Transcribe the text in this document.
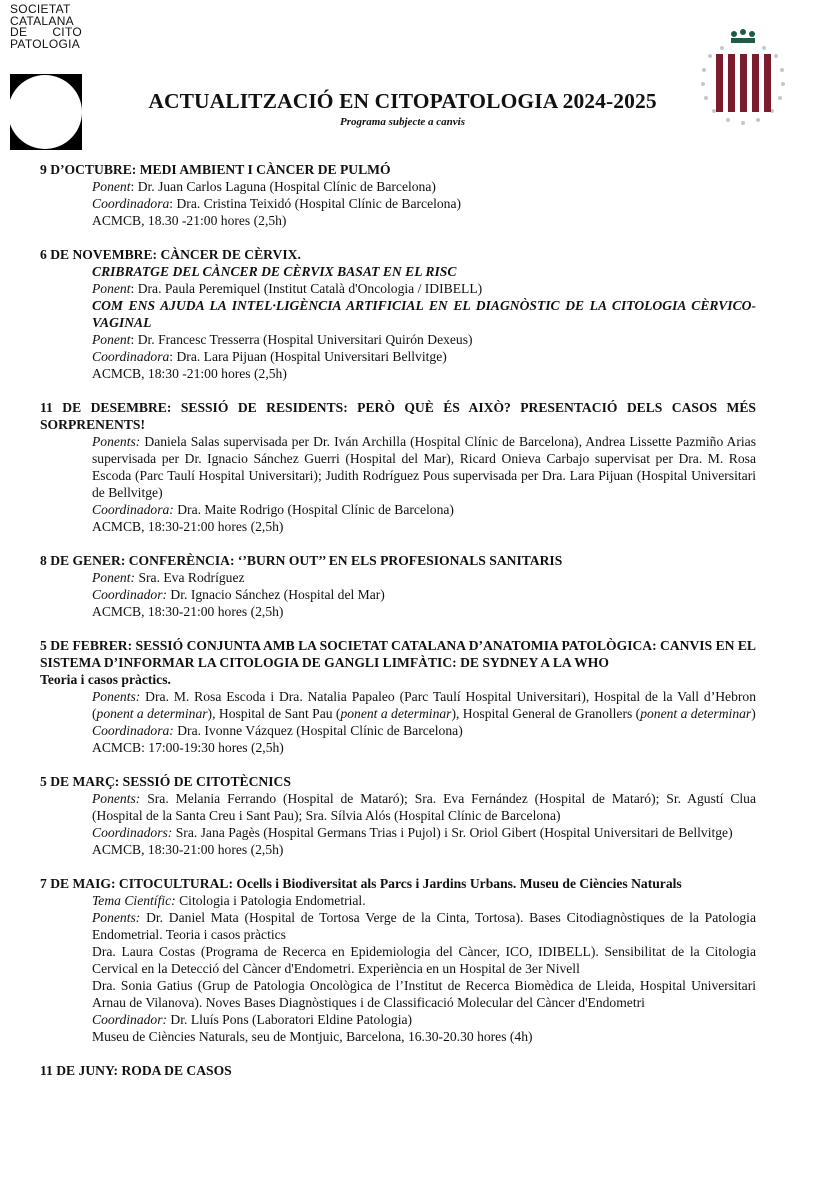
SOCIETAT
CATALANA
DE CITO
PATOLOGIA
ACTUALITZACIÓ EN CITOPATOLOGIA 2024-2025
Programa subjecte a canvis
9 D’OCTUBRE: MEDI AMBIENT I CÀNCER DE PULMÓ
Ponent: Dr. Juan Carlos Laguna (Hospital Clínic de Barcelona)
Coordinadora: Dra. Cristina Teixidó (Hospital Clínic de Barcelona)
ACMCB, 18.30 -21:00 hores (2,5h)
6 DE NOVEMBRE: CÀNCER DE CÈRVIX.
CRIBRATGE DEL CÀNCER DE CÈRVIX BASAT EN EL RISC
Ponent: Dra. Paula Peremiquel (Institut Català d'Oncologia / IDIBELL)
COM ENS AJUDA LA INTEL·LIGÈNCIA ARTIFICIAL EN EL DIAGNÒSTIC DE LA CITOLOGIA CÈRVICO-VAGINAL
Ponent: Dr. Francesc Tresserra (Hospital Universitari Quirón Dexeus)
Coordinadora: Dra. Lara Pijuan (Hospital Universitari Bellvitge)
ACMCB, 18:30 -21:00 hores (2,5h)
11 DE DESEMBRE: SESSIÓ DE RESIDENTS: PERÒ QUÈ ÉS AIXÒ? PRESENTACIÓ DELS CASOS MÉS SORPRENENTS!
Ponents: Daniela Salas supervisada per Dr. Iván Archilla (Hospital Clínic de Barcelona), Andrea Lissette Pazmiño Arias supervisada per Dr. Ignacio Sánchez Guerri (Hospital del Mar), Ricard Onieva Carbajo supervisat per Dra. M. Rosa Escoda (Parc Taulí Hospital Universitari); Judith Rodríguez Pous supervisada per Dra. Lara Pijuan (Hospital Universitari de Bellvitge)
Coordinadora: Dra. Maite Rodrigo (Hospital Clínic de Barcelona)
ACMCB, 18:30-21:00 hores (2,5h)
8 DE GENER: CONFERÈNCIA: ‘’BURN OUT’’ EN ELS PROFESIONALS SANITARIS
Ponent: Sra. Eva Rodríguez
Coordinador: Dr. Ignacio Sánchez (Hospital del Mar)
ACMCB, 18:30-21:00 hores (2,5h)
5 DE FEBRER: SESSIÓ CONJUNTA AMB LA SOCIETAT CATALANA D’ANATOMIA PATOLÒGICA: CANVIS EN EL SISTEMA D’INFORMAR LA CITOLOGIA DE GANGLI LIMFÀTIC: DE SYDNEY A LA WHO
Teoria i casos pràctics.
Ponents: Dra. M. Rosa Escoda i Dra. Natalia Papaleo (Parc Taulí Hospital Universitari), Hospital de la Vall d’Hebron (ponent a determinar), Hospital de Sant Pau (ponent a determinar), Hospital General de Granollers (ponent a determinar)
Coordinadora: Dra. Ivonne Vázquez (Hospital Clínic de Barcelona)
ACMCB: 17:00-19:30 hores (2,5h)
5 DE MARÇ: SESSIÓ DE CITOTÈCNICS
Ponents: Sra. Melania Ferrando (Hospital de Mataró); Sra. Eva Fernández (Hospital de Mataró); Sr. Agustí Clua (Hospital de la Santa Creu i Sant Pau); Sra. Sílvia Alós (Hospital Clínic de Barcelona)
Coordinadors: Sra. Jana Pagès (Hospital Germans Trias i Pujol) i Sr. Oriol Gibert (Hospital Universitari de Bellvitge)
ACMCB, 18:30-21:00 hores (2,5h)
7 DE MAIG: CITOCULTURAL: Ocells i Biodiversitat als Parcs i Jardins Urbans. Museu de Ciències Naturals
Tema Científic: Citologia i Patologia Endometrial.
Ponents: Dr. Daniel Mata (Hospital de Tortosa Verge de la Cinta, Tortosa). Bases Citodiagnòstiques de la Patologia Endometrial. Teoria i casos pràctics
Dra. Laura Costas (Programa de Recerca en Epidemiologia del Càncer, ICO, IDIBELL). Sensibilitat de la Citologia Cervical en la Detecció del Càncer d'Endometri. Experiència en un Hospital de 3er Nivell
Dra. Sonia Gatius (Grup de Patologia Oncològica de l’Institut de Recerca Biomèdica de Lleida, Hospital Universitari Arnau de Vilanova). Noves Bases Diagnòstiques i de Classificació Molecular del Càncer d'Endometri
Coordinador: Dr. Lluís Pons (Laboratori Eldine Patologia)
Museu de Ciències Naturals, seu de Montjuic, Barcelona, 16.30-20.30 hores (4h)
11 DE JUNY: RODA DE CASOS
